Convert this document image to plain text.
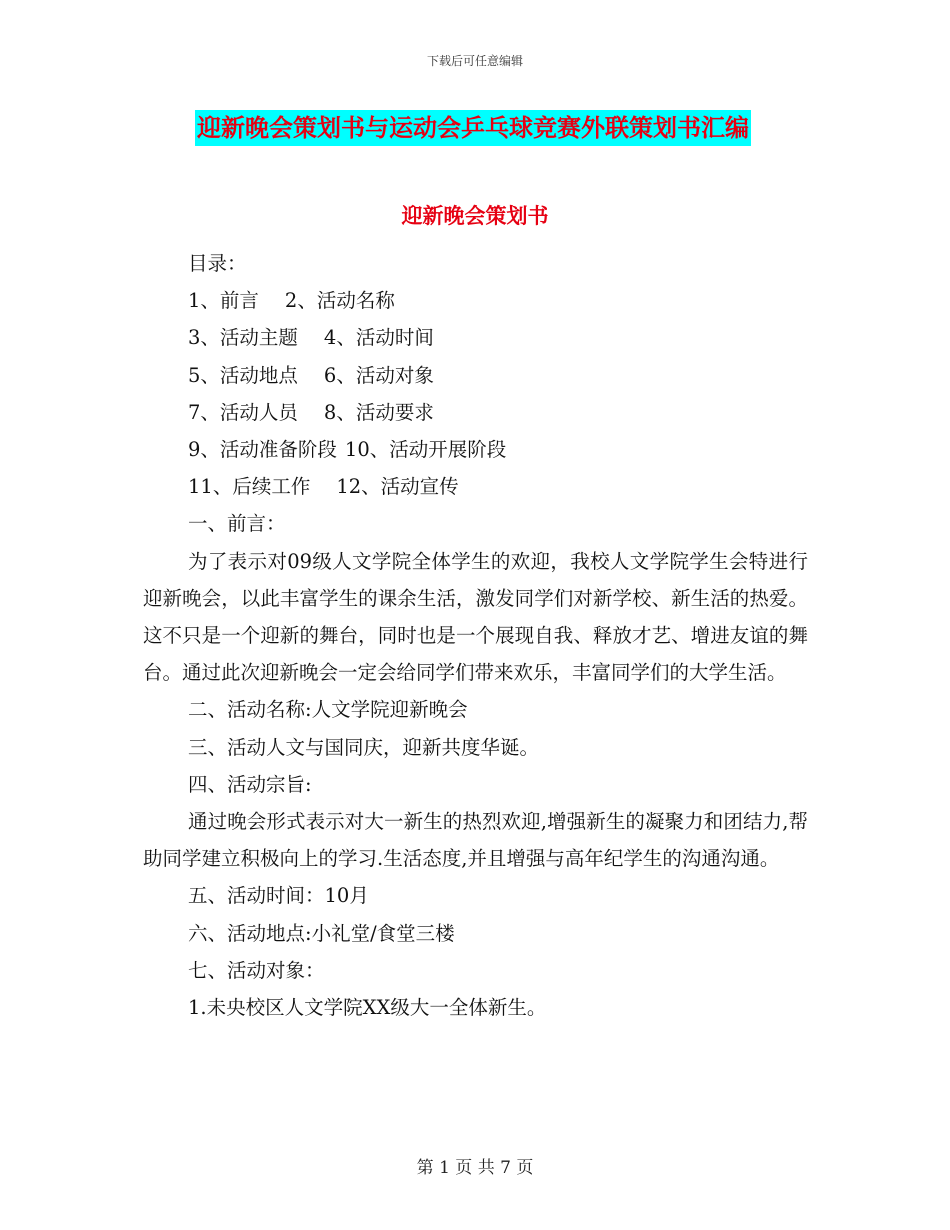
下载后可任意编辑
迎新晚会策划书与运动会乒乓球竞赛外联策划书汇编
迎新晚会策划书

目录：

1、前言 2、活动名称

3、活动主题 4、活动时间

5、活动地点 6、活动对象

7、活动人员 8、活动要求

9、活动准备阶段 10、活动开展阶段

11、后续工作 12、活动宣传

一、前言：

为了表示对09级人文学院全体学生的欢迎，我校人文学院学生会特进行迎新晚会，以此丰富学生的课余生活，激发同学们对新学校、新生活的热爱。这不只是一个迎新的舞台，同时也是一个展现自我、释放才艺、增进友谊的舞台。通过此次迎新晚会一定会给同学们带来欢乐，丰富同学们的大学生活。

二、活动名称:人文学院迎新晚会

三、活动人文与国同庆，迎新共度华诞。

四、活动宗旨:

通过晚会形式表示对大一新生的热烈欢迎,增强新生的凝聚力和团结力,帮助同学建立积极向上的学习.生活态度,并且增强与高年纪学生的沟通沟通。

五、活动时间：10月

六、活动地点:小礼堂/食堂三楼

七、活动对象：

1.未央校区人文学院XX级大一全体新生。

第 1 页 共 7 页
